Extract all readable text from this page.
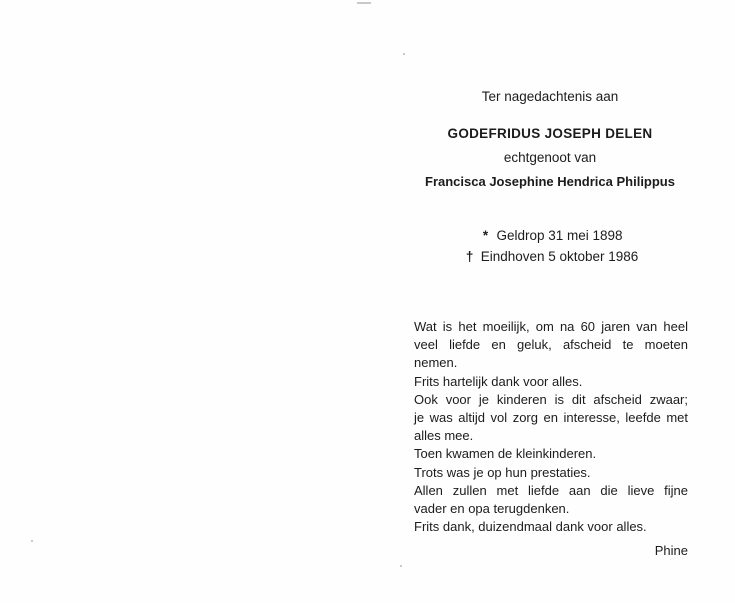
Ter nagedachtenis aan
GODEFRIDUS JOSEPH DELEN
echtgenoot van
Francisca Josephine Hendrica Philippus
* Geldrop 31 mei 1898
† Eindhoven 5 oktober 1986
Wat is het moeilijk, om na 60 jaren van heel
veel liefde en geluk, afscheid te moeten
nemen.
Frits hartelijk dank voor alles.
Ook voor je kinderen is dit afscheid zwaar;
je was altijd vol zorg en interesse, leefde met
alles mee.
Toen kwamen de kleinkinderen.
Trots was je op hun prestaties.
Allen zullen met liefde aan die lieve fijne
vader en opa terugdenken.
Frits dank, duizendmaal dank voor alles.
Phine
